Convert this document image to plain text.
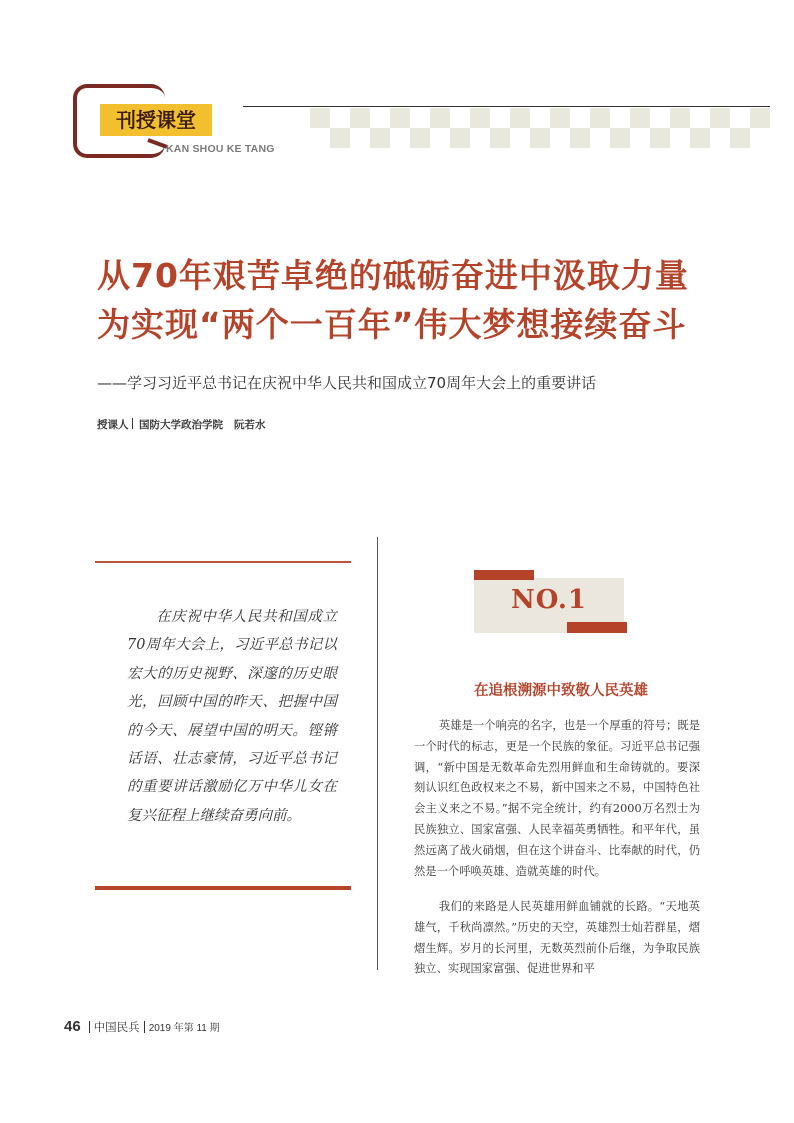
刊授课堂
KAN SHOU KE TANG
从70年艰苦卓绝的砥砺奋进中汲取力量
为实现“两个一百年”伟大梦想接续奋斗
——学习习近平总书记在庆祝中华人民共和国成立70周年大会上的重要讲话
授课人 国防大学政治学院 阮若水
在庆祝中华人民共和国成立70周年大会上，习近平总书记以宏大的历史视野、深邃的历史眼光，回顾中国的昨天、把握中国的今天、展望中国的明天。铿锵话语、壮志豪情，习近平总书记的重要讲话激励亿万中华儿女在复兴征程上继续奋勇向前。
NO.1
在追根溯源中致敬人民英雄
英雄是一个响亮的名字，也是一个厚重的符号；既是一个时代的标志，更是一个民族的象征。习近平总书记强调，“新中国是无数革命先烈用鲜血和生命铸就的。要深刻认识红色政权来之不易，新中国来之不易，中国特色社会主义来之不易。”据不完全统计，约有2000万名烈士为民族独立、国家富强、人民幸福英勇牺牲。和平年代，虽然远离了战火硝烟，但在这个讲奋斗、比奉献的时代，仍然是一个呼唤英雄、造就英雄的时代。
我们的来路是人民英雄用鲜血铺就的长路。“天地英雄气，千秋尚凛然。”历史的天空，英雄烈士灿若群星，熠熠生辉。岁月的长河里，无数英烈前仆后继，为争取民族独立、实现国家富强、促进世界和平
46 中国民兵 2019 年第 11 期
